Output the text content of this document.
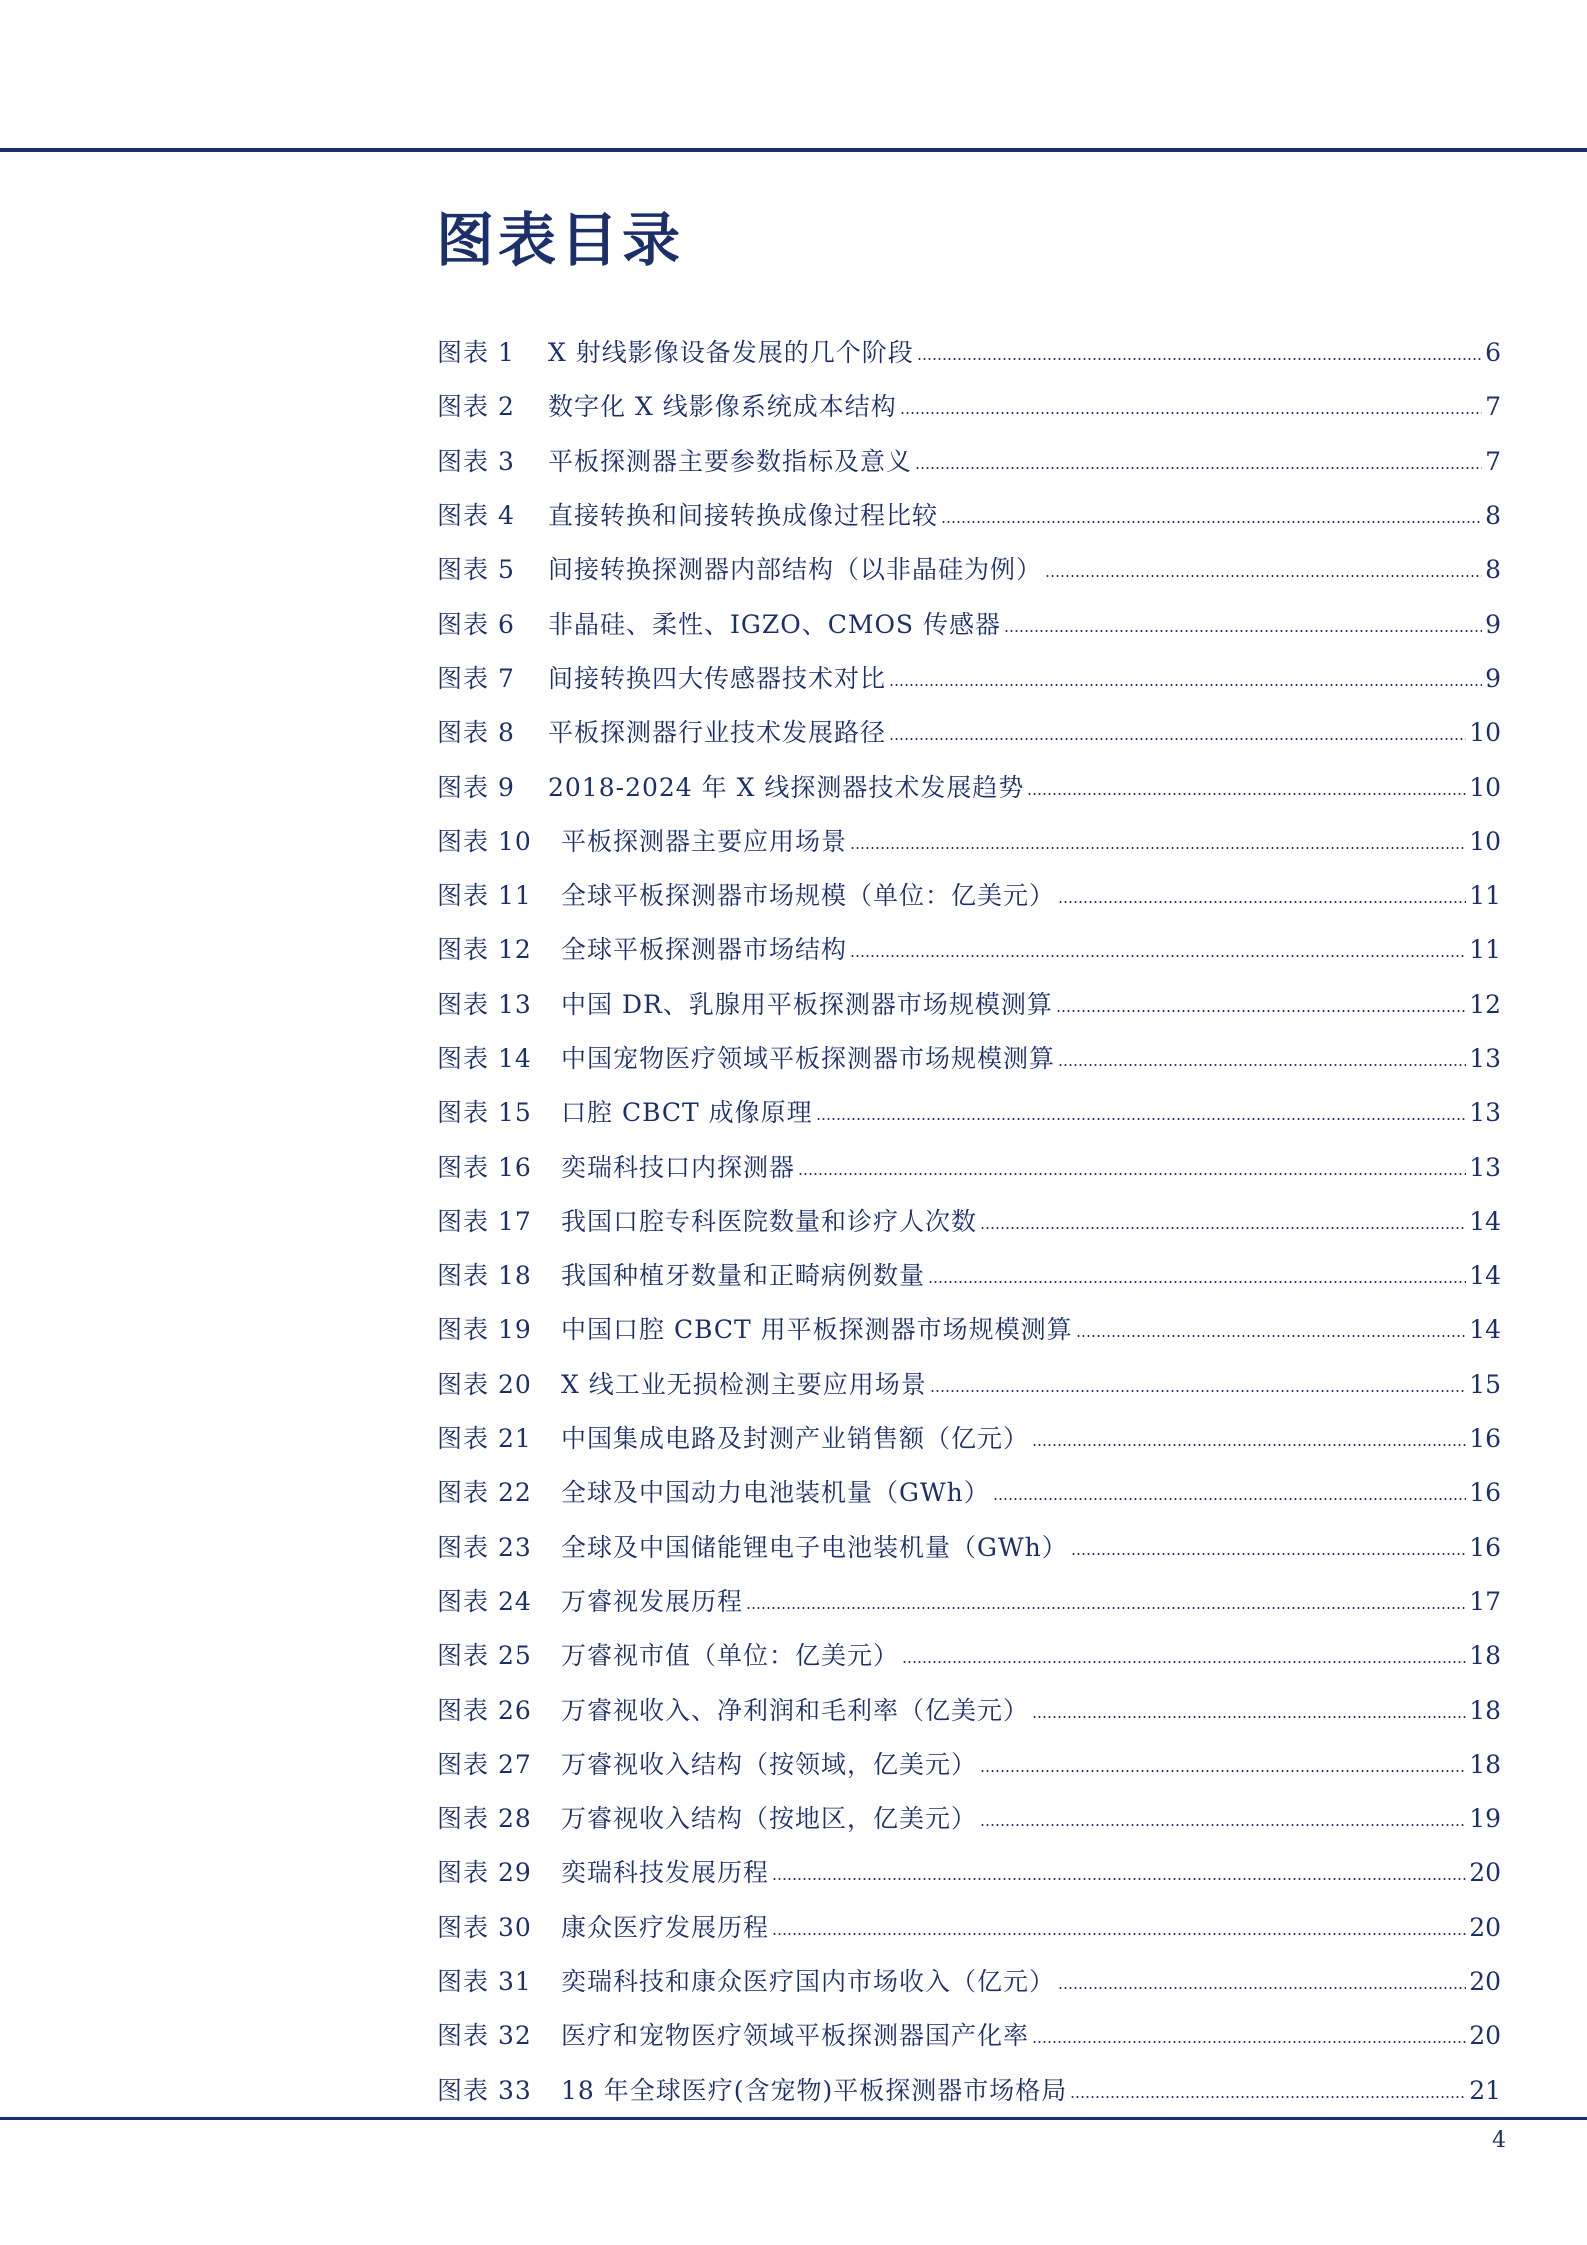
图表目录
图表 1	X 射线影像设备发展的几个阶段	6
图表 2	数字化 X 线影像系统成本结构	7
图表 3	平板探测器主要参数指标及意义	7
图表 4	直接转换和间接转换成像过程比较	8
图表 5	间接转换探测器内部结构（以非晶硅为例）	8
图表 6	非晶硅、柔性、IGZO、CMOS 传感器	9
图表 7	间接转换四大传感器技术对比	9
图表 8	平板探测器行业技术发展路径	10
图表 9	2018-2024 年 X 线探测器技术发展趋势	10
图表 10	平板探测器主要应用场景	10
图表 11	全球平板探测器市场规模（单位：亿美元）	11
图表 12	全球平板探测器市场结构	11
图表 13	中国 DR、乳腺用平板探测器市场规模测算	12
图表 14	中国宠物医疗领域平板探测器市场规模测算	13
图表 15	口腔 CBCT 成像原理	13
图表 16	奕瑞科技口内探测器	13
图表 17	我国口腔专科医院数量和诊疗人次数	14
图表 18	我国种植牙数量和正畸病例数量	14
图表 19	中国口腔 CBCT 用平板探测器市场规模测算	14
图表 20	X 线工业无损检测主要应用场景	15
图表 21	中国集成电路及封测产业销售额（亿元）	16
图表 22	全球及中国动力电池装机量（GWh）	16
图表 23	全球及中国储能锂电子电池装机量（GWh）	16
图表 24	万睿视发展历程	17
图表 25	万睿视市值（单位：亿美元）	18
图表 26	万睿视收入、净利润和毛利率（亿美元）	18
图表 27	万睿视收入结构（按领域，亿美元）	18
图表 28	万睿视收入结构（按地区，亿美元）	19
图表 29	奕瑞科技发展历程	20
图表 30	康众医疗发展历程	20
图表 31	奕瑞科技和康众医疗国内市场收入（亿元）	20
图表 32	医疗和宠物医疗领域平板探测器国产化率	20
图表 33	18 年全球医疗(含宠物)平板探测器市场格局	21
4
